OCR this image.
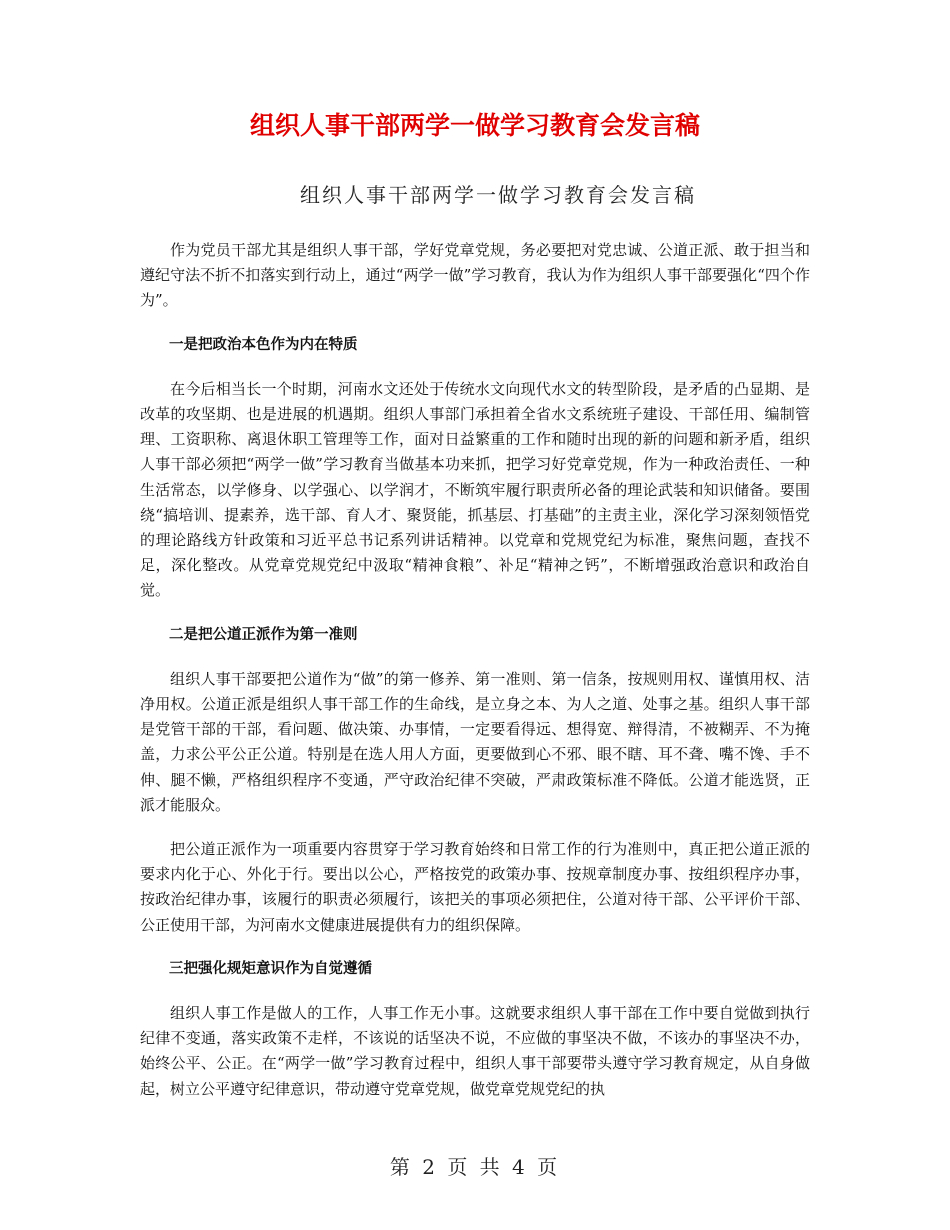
组织人事干部两学一做学习教育会发言稿
组织人事干部两学一做学习教育会发言稿

作为党员干部尤其是组织人事干部，学好党章党规，务必要把对党忠诚、公道正派、敢于担当和遵纪守法不折不扣落实到行动上，通过“两学一做”学习教育，我认为作为组织人事干部要强化“四个作为”。

一是把政治本色作为内在特质

在今后相当长一个时期，河南水文还处于传统水文向现代水文的转型阶段，是矛盾的凸显期、是改革的攻坚期、也是进展的机遇期。组织人事部门承担着全省水文系统班子建设、干部任用、编制管理、工资职称、离退休职工管理等工作，面对日益繁重的工作和随时出现的新的问题和新矛盾，组织人事干部必须把“两学一做”学习教育当做基本功来抓，把学习好党章党规，作为一种政治责任、一种生活常态，以学修身、以学强心、以学润才，不断筑牢履行职责所必备的理论武装和知识储备。要围绕“搞培训、提素养，选干部、育人才、聚贤能，抓基层、打基础”的主责主业，深化学习深刻领悟党的理论路线方针政策和习近平总书记系列讲话精神。以党章和党规党纪为标准，聚焦问题，查找不足，深化整改。从党章党规党纪中汲取“精神食粮”、补足“精神之钙”，不断增强政治意识和政治自觉。

二是把公道正派作为第一准则

组织人事干部要把公道作为“做”的第一修养、第一准则、第一信条，按规则用权、谨慎用权、洁净用权。公道正派是组织人事干部工作的生命线，是立身之本、为人之道、处事之基。组织人事干部是党管干部的干部，看问题、做决策、办事情，一定要看得远、想得宽、辩得清，不被糊弄、不为掩盖，力求公平公正公道。特别是在选人用人方面，更要做到心不邪、眼不瞎、耳不聋、嘴不馋、手不伸、腿不懒，严格组织程序不变通，严守政治纪律不突破，严肃政策标准不降低。公道才能选贤，正派才能服众。

把公道正派作为一项重要内容贯穿于学习教育始终和日常工作的行为准则中，真正把公道正派的要求内化于心、外化于行。要出以公心，严格按党的政策办事、按规章制度办事、按组织程序办事，按政治纪律办事，该履行的职责必须履行，该把关的事项必须把住，公道对待干部、公平评价干部、公正使用干部，为河南水文健康进展提供有力的组织保障。

三把强化规矩意识作为自觉遵循

组织人事工作是做人的工作，人事工作无小事。这就要求组织人事干部在工作中要自觉做到执行纪律不变通，落实政策不走样，不该说的话坚决不说，不应做的事坚决不做，不该办的事坚决不办，始终公平、公正。在“两学一做”学习教育过程中，组织人事干部要带头遵守学习教育规定，从自身做起，树立公平遵守纪律意识，带动遵守党章党规，做党章党规党纪的执

第 2 页 共 4 页
